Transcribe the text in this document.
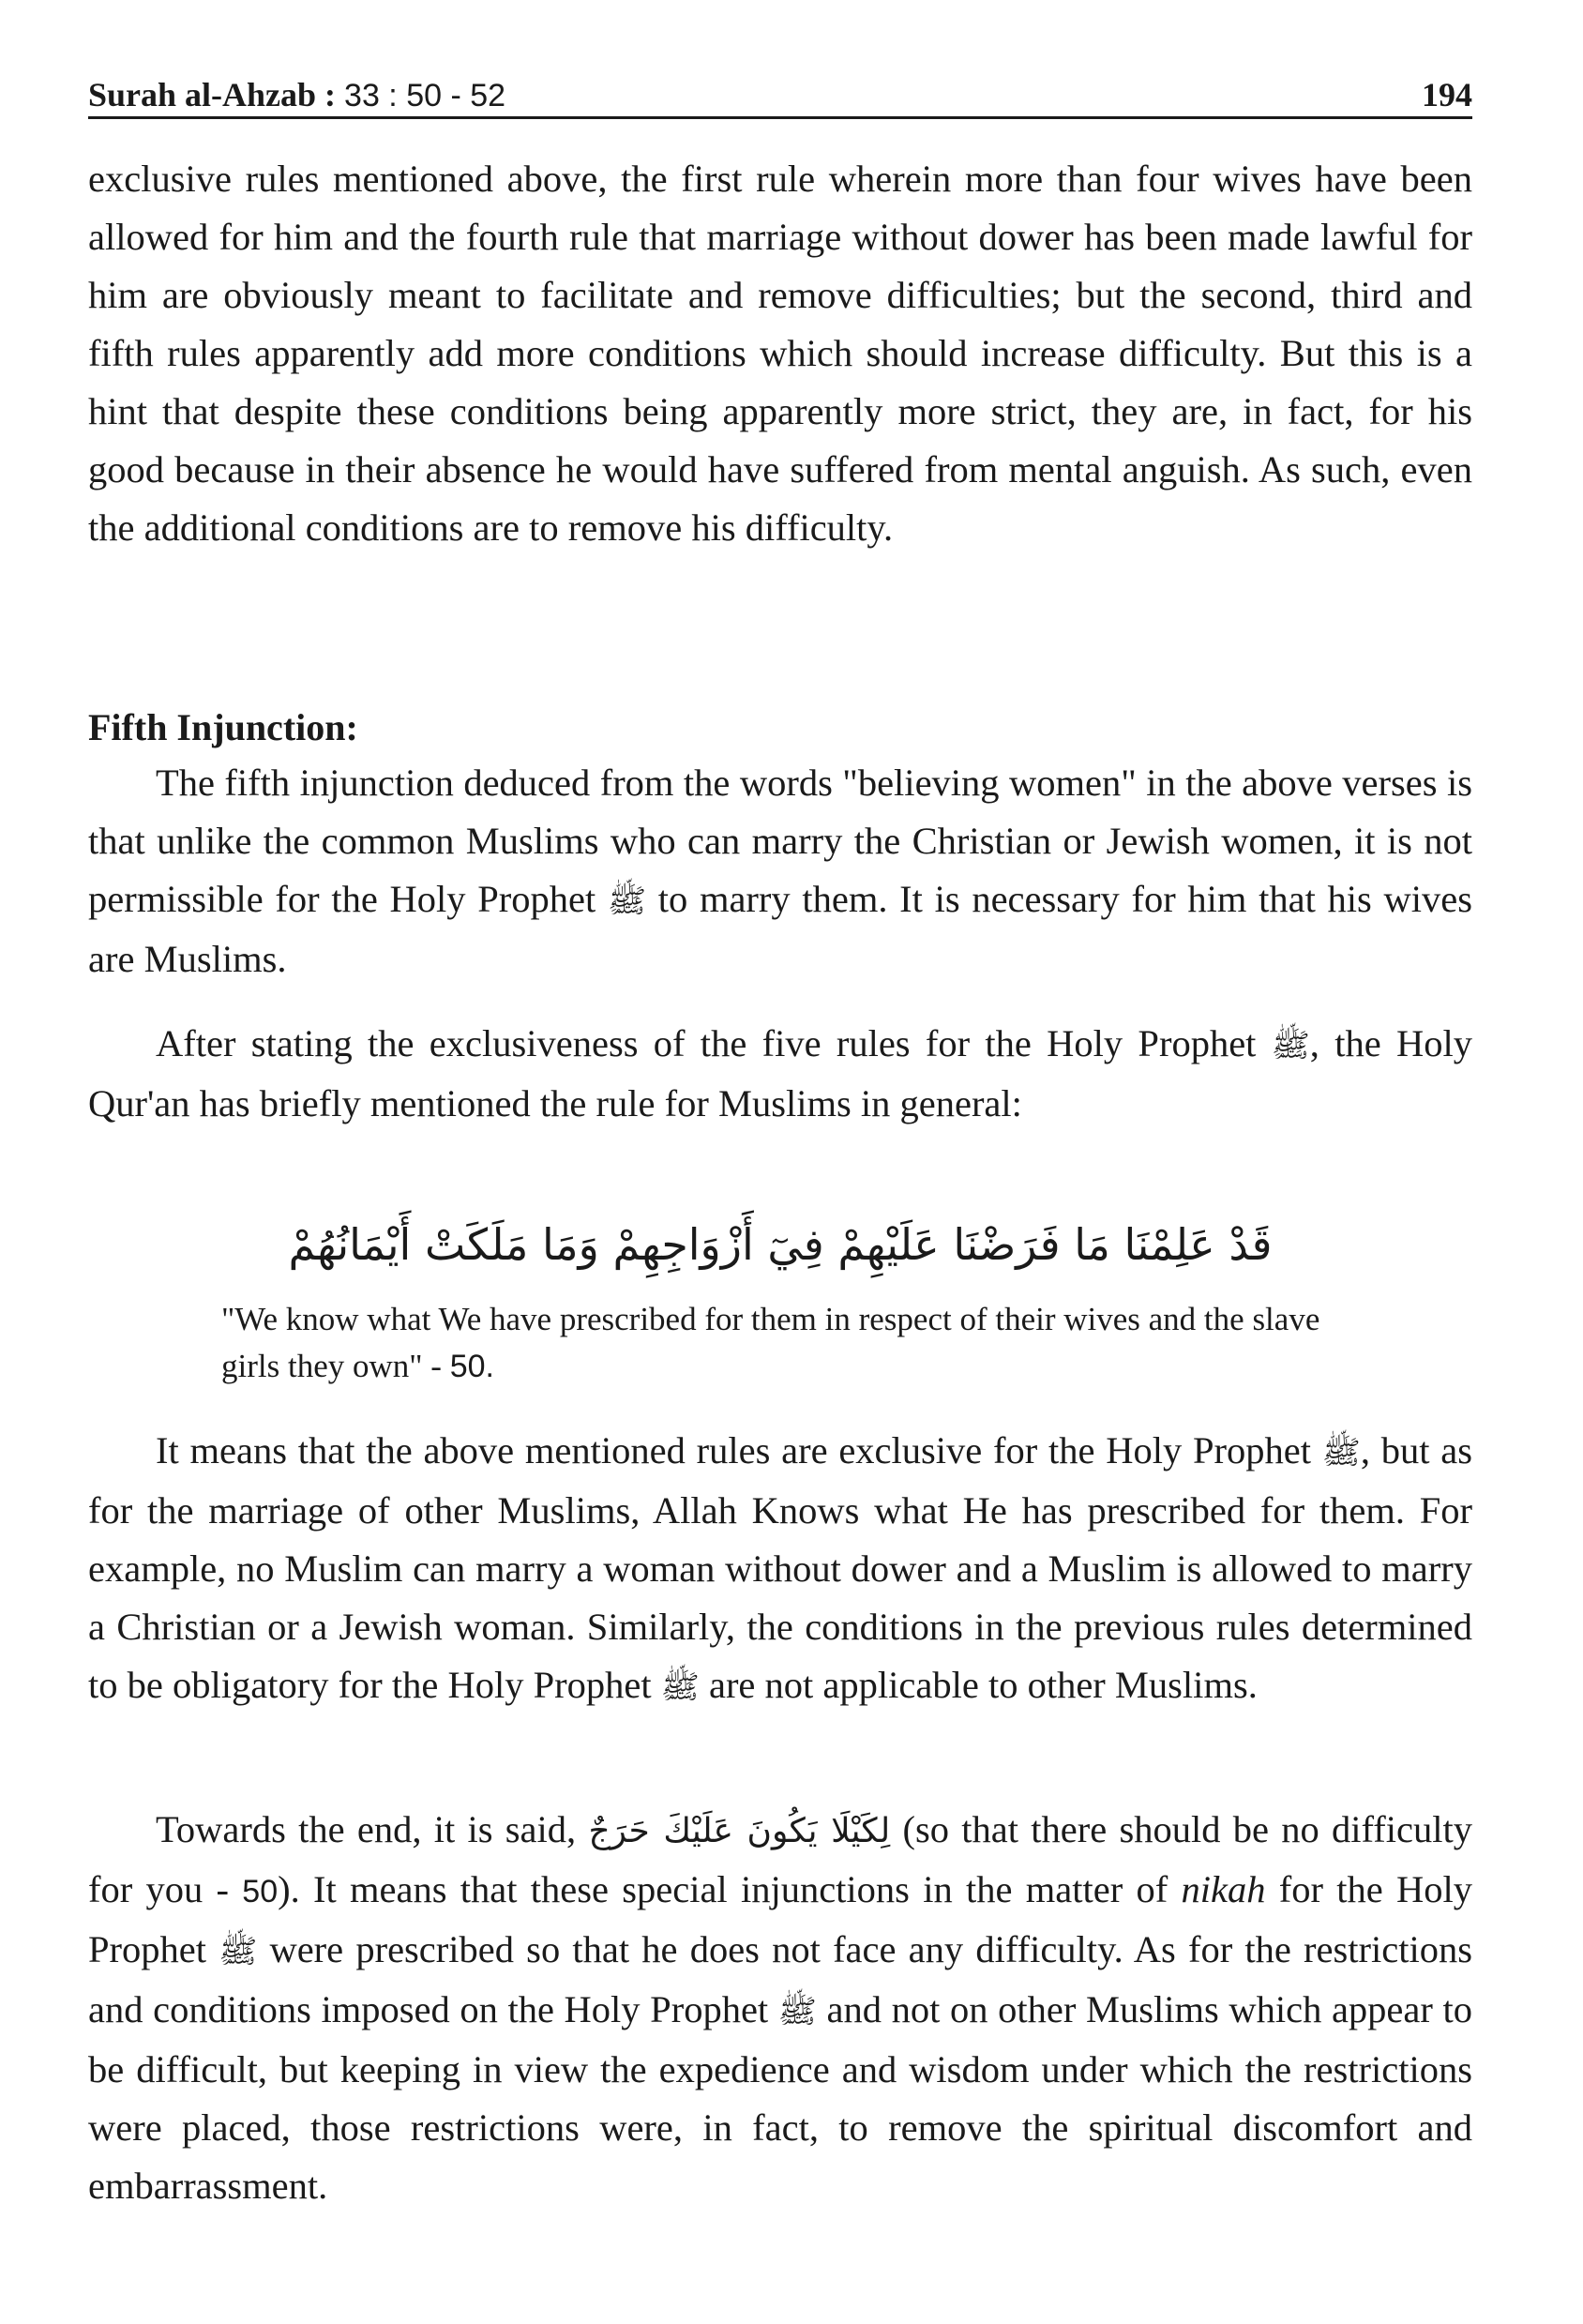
Surah al-Ahzab : 33 : 50 - 52	194

exclusive rules mentioned above, the first rule wherein more than four wives have been allowed for him and the fourth rule that marriage without dower has been made lawful for him are obviously meant to facilitate and remove difficulties; but the second, third and fifth rules apparently add more conditions which should increase difficulty. But this is a hint that despite these conditions being apparently more strict, they are, in fact, for his good because in their absence he would have suffered from mental anguish. As such, even the additional conditions are to remove his difficulty.

Fifth Injunction:

The fifth injunction deduced from the words "believing women" in the above verses is that unlike the common Muslims who can marry the Christian or Jewish women, it is not permissible for the Holy Prophet ﷺ to marry them. It is necessary for him that his wives are Muslims.

After stating the exclusiveness of the five rules for the Holy Prophet ﷺ, the Holy Qur'an has briefly mentioned the rule for Muslims in general:

قَدْ عَلِمْنَا مَا فَرَضْنَا عَلَيْهِمْ فِيٓ أَزْوَاجِهِمْ وَمَا مَلَكَتْ أَيْمَانُهُمْ
"We know what We have prescribed for them in respect of their wives and the slave girls they own" - 50.

It means that the above mentioned rules are exclusive for the Holy Prophet ﷺ, but as for the marriage of other Muslims, Allah Knows what He has prescribed for them. For example, no Muslim can marry a woman without dower and a Muslim is allowed to marry a Christian or a Jewish woman. Similarly, the conditions in the previous rules determined to be obligatory for the Holy Prophet ﷺ are not applicable to other Muslims.

Towards the end, it is said, لِكَيْلَا يَكُونَ عَلَيْكَ حَرَجٌ (so that there should be no difficulty for you - 50). It means that these special injunctions in the matter of nikah for the Holy Prophet ﷺ were prescribed so that he does not face any difficulty. As for the restrictions and conditions imposed on the Holy Prophet ﷺ and not on other Muslims which appear to be difficult, but keeping in view the expedience and wisdom under which the restrictions were placed, those restrictions were, in fact, to remove the spiritual discomfort and embarrassment.
